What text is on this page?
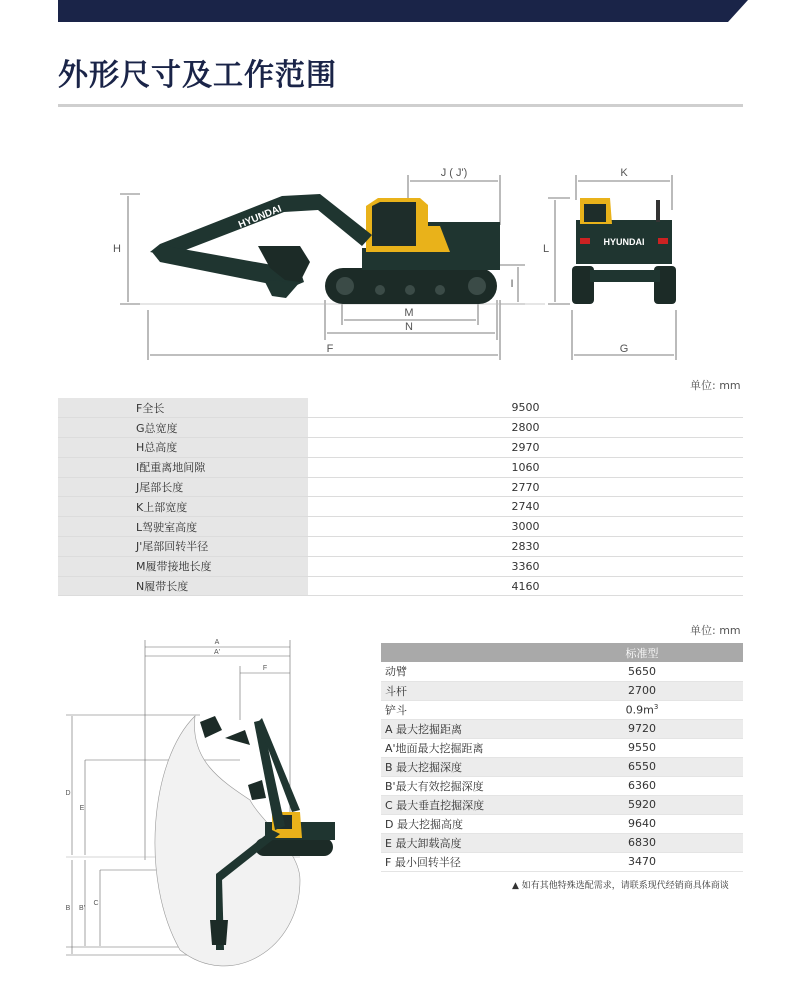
外形尺寸及工作范围
H
F
M
N
I
J ( J')	K
L
G
HYUNDAI
HYUNDAI
单位: mm
F全长	9500
G总宽度	2800
H总高度	2970
I配重离地间隙	1060
J尾部长度	2770
K上部宽度	2740
L驾驶室高度	3000
J'尾部回转半径	2830
M履带接地长度	3360
N履带长度	4160
单位: mm
A
A'
F
D
E
B B'
C
	标准型
动臂	5650
斗杆	2700
铲斗	$0.9m^3$
A 最大挖掘距离	9720
A'地面最大挖掘距离	9550
B 最大挖掘深度	6550
B'最大有效挖掘深度	6360
C 最大垂直挖掘深度	5920
D 最大挖掘高度	9640
E 最大卸载高度	6830
F 最小回转半径	3470
▲ 如有其他特殊选配需求，请联系现代经销商具体商谈
